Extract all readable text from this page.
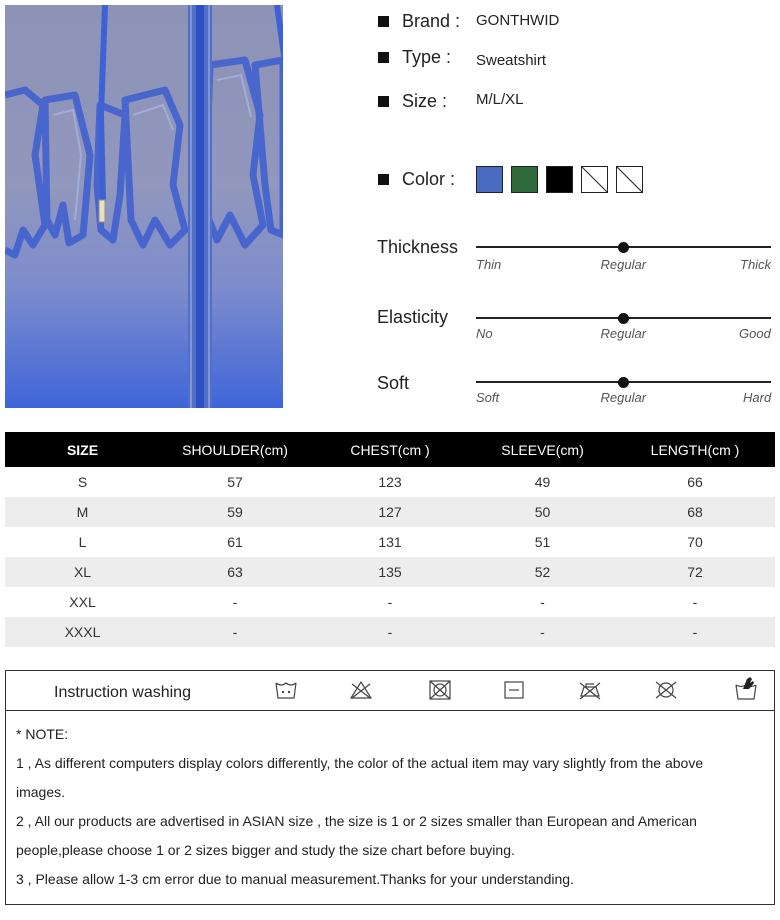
Brand : GONTHWID
Type : Sweatshirt
Size : M/L/XL
Color :
Thickness
Thin	Regular	Thick
Elasticity
No	Regular	Good
Soft
Soft	Regular	Hard
SIZE	SHOULDER(cm)	CHEST(cm )	SLEEVE(cm)	LENGTH(cm )
S	57	123	49	66
M	59	127	50	68
L	61	131	51	70
XL	63	135	52	72
XXL	-	-	-	-
XXXL	-	-	-	-
Instruction washing
* NOTE:
1 , As different computers display colors differently, the color of the actual item may vary slightly from the above
images.
2 , All our products are advertised in ASIAN size , the size is 1 or 2 sizes smaller than European and American
people,please choose 1 or 2 sizes bigger and study the size chart before buying.
3 , Please allow 1-3 cm error due to manual measurement.Thanks for your understanding.
